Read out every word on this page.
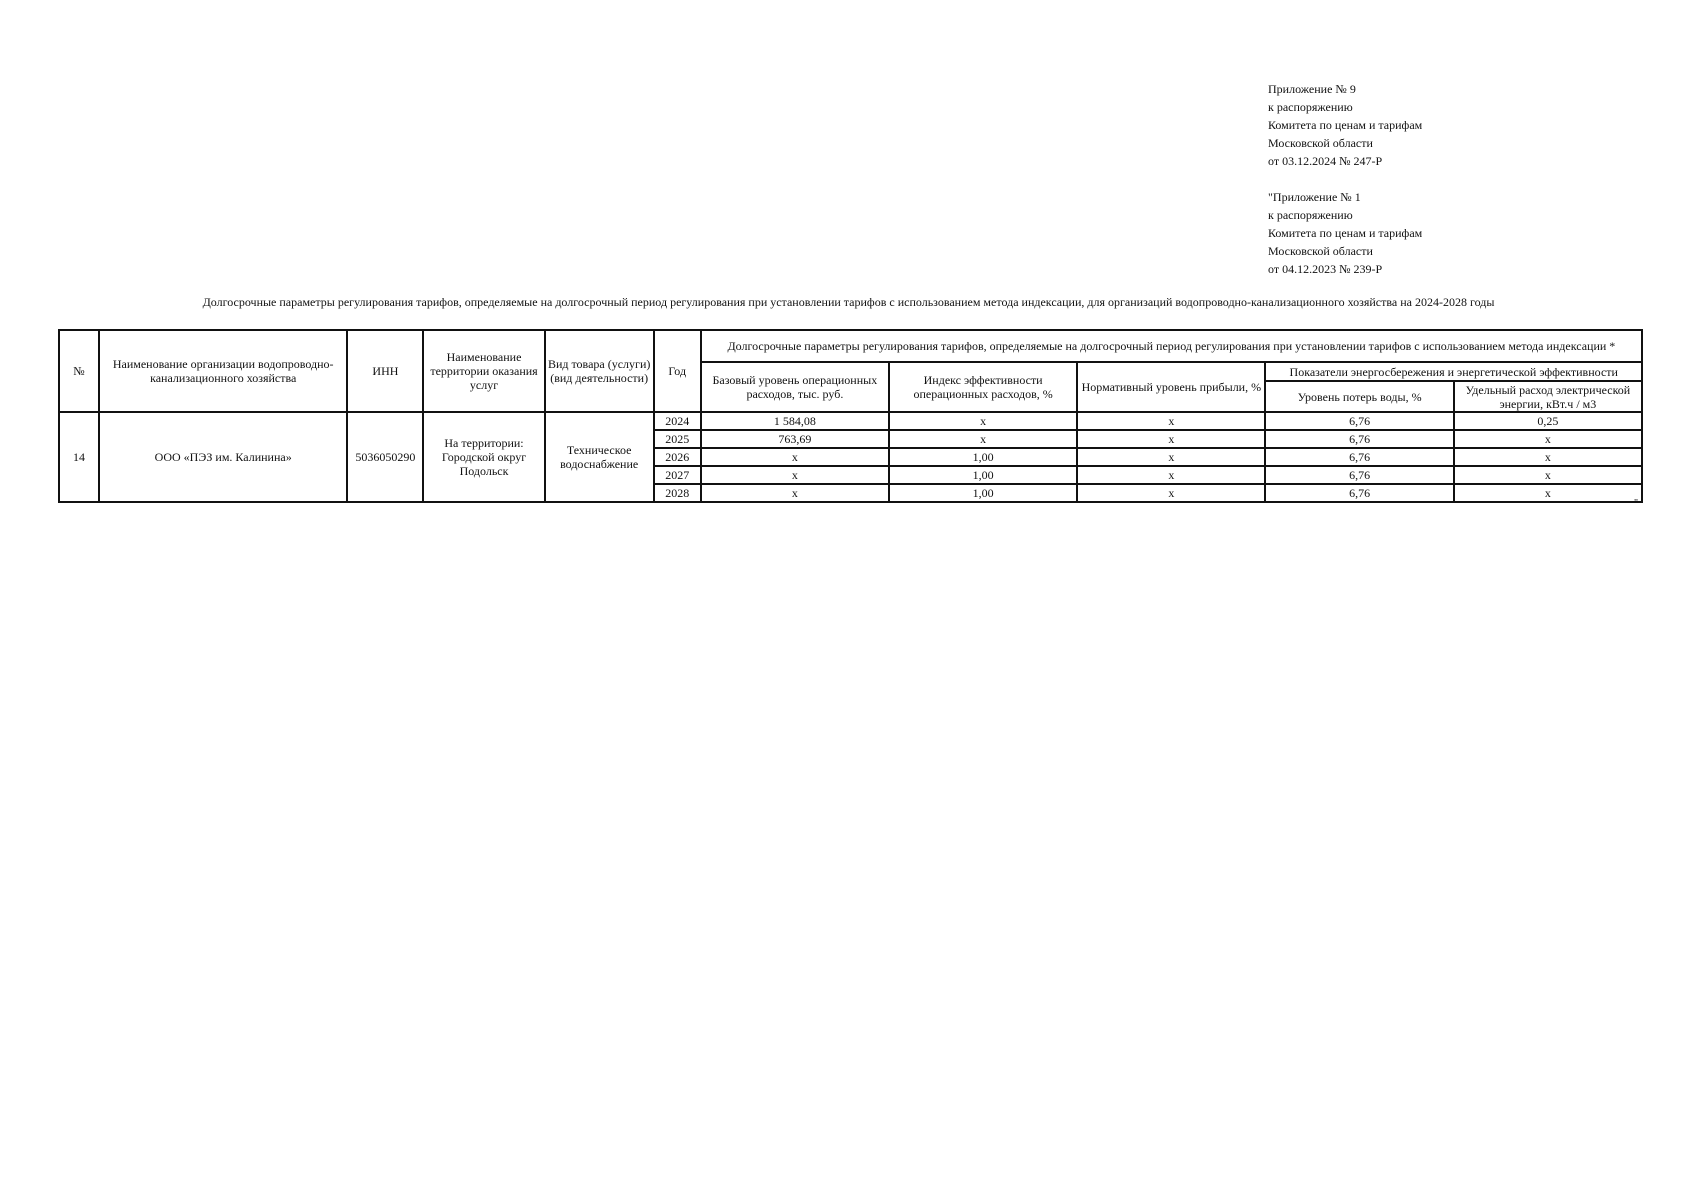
Приложение № 9
к распоряжению
Комитета по ценам и тарифам
Московской области
от 03.12.2024 № 247-Р
"Приложение № 1
к распоряжению
Комитета по ценам и тарифам
Московской области
от 04.12.2023 № 239-Р
Долгосрочные параметры регулирования тарифов, определяемые на долгосрочный период регулирования при установлении тарифов с использованием метода индексации, для организаций водопроводно-канализационного хозяйства на 2024-2028 годы
№	Наименование организации водопроводно-канализационного хозяйства	ИНН	Наименование территории оказания услуг	Вид товара (услуги) (вид деятельности)	Год	Долгосрочные параметры регулирования тарифов, определяемые на долгосрочный период регулирования при установлении тарифов с использованием метода индексации *				
						Базовый уровень операционных расходов, тыс. руб.	Индекс эффективности операционных расходов, %	Нормативный уровень прибыли, %	Показатели энергосбережения и энергетической эффективности	
									Уровень потерь воды, %	Удельный расход электрической энергии, кВт.ч / м3
14	ООО «ПЭЗ им. Калинина»	5036050290	На территории: Городской округ Подольск	Техническое водоснабжение	2024	1 584,08	x	x	6,76	0,25
					2025	763,69	x	x	6,76	x
					2026	x	1,00	x	6,76	x
					2027	x	1,00	x	6,76	x
					2028	x	1,00	x	6,76	x
"
